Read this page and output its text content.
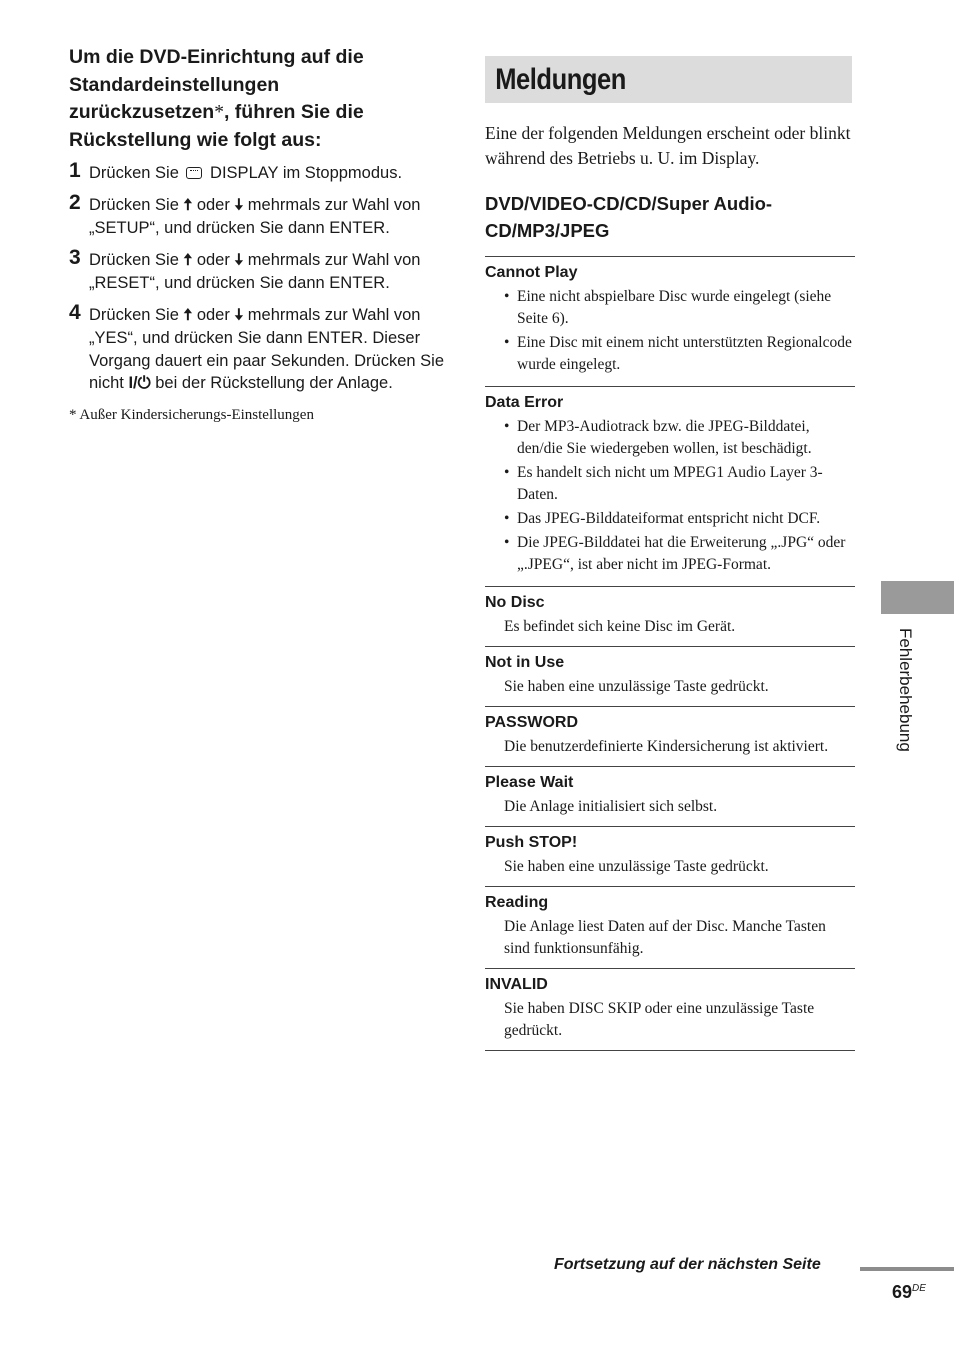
Um die DVD-Einrichtung auf die Standardeinstellungen zurückzusetzen*, führen Sie die Rückstellung wie folgt aus:
1 Drücken Sie  DISPLAY im Stoppmodus.
2 Drücken Sie 🠅 oder 🠇 mehrmals zur Wahl von „SETUP“, und drücken Sie dann ENTER.
3 Drücken Sie 🠅 oder 🠇 mehrmals zur Wahl von „RESET“, und drücken Sie dann ENTER.
4 Drücken Sie 🠅 oder 🠇 mehrmals zur Wahl von „YES“, und drücken Sie dann ENTER. Dieser Vorgang dauert ein paar Sekunden. Drücken Sie nicht I/⏻ bei der Rückstellung der Anlage.
* Außer Kindersicherungs-Einstellungen
Meldungen
Eine der folgenden Meldungen erscheint oder blinkt während des Betriebs u. U. im Display.
DVD/VIDEO-CD/CD/Super Audio-CD/MP3/JPEG
Cannot Play
• Eine nicht abspielbare Disc wurde eingelegt (siehe Seite 6).
• Eine Disc mit einem nicht unterstützten Regionalcode wurde eingelegt.
Data Error
• Der MP3-Audiotrack bzw. die JPEG-Bilddatei, den/die Sie wiedergeben wollen, ist beschädigt.
• Es handelt sich nicht um MPEG1 Audio Layer 3-Daten.
• Das JPEG-Bilddateiformat entspricht nicht DCF.
• Die JPEG-Bilddatei hat die Erweiterung „.JPG“ oder „.JPEG“, ist aber nicht im JPEG-Format.
No Disc
Es befindet sich keine Disc im Gerät.
Not in Use
Sie haben eine unzulässige Taste gedrückt.
PASSWORD
Die benutzerdefinierte Kindersicherung ist aktiviert.
Please Wait
Die Anlage initialisiert sich selbst.
Push STOP!
Sie haben eine unzulässige Taste gedrückt.
Reading
Die Anlage liest Daten auf der Disc. Manche Tasten sind funktionsunfähig.
INVALID
Sie haben DISC SKIP oder eine unzulässige Taste gedrückt.
Fehlerbehebung
Fortsetzung auf der nächsten Seite
69DE
